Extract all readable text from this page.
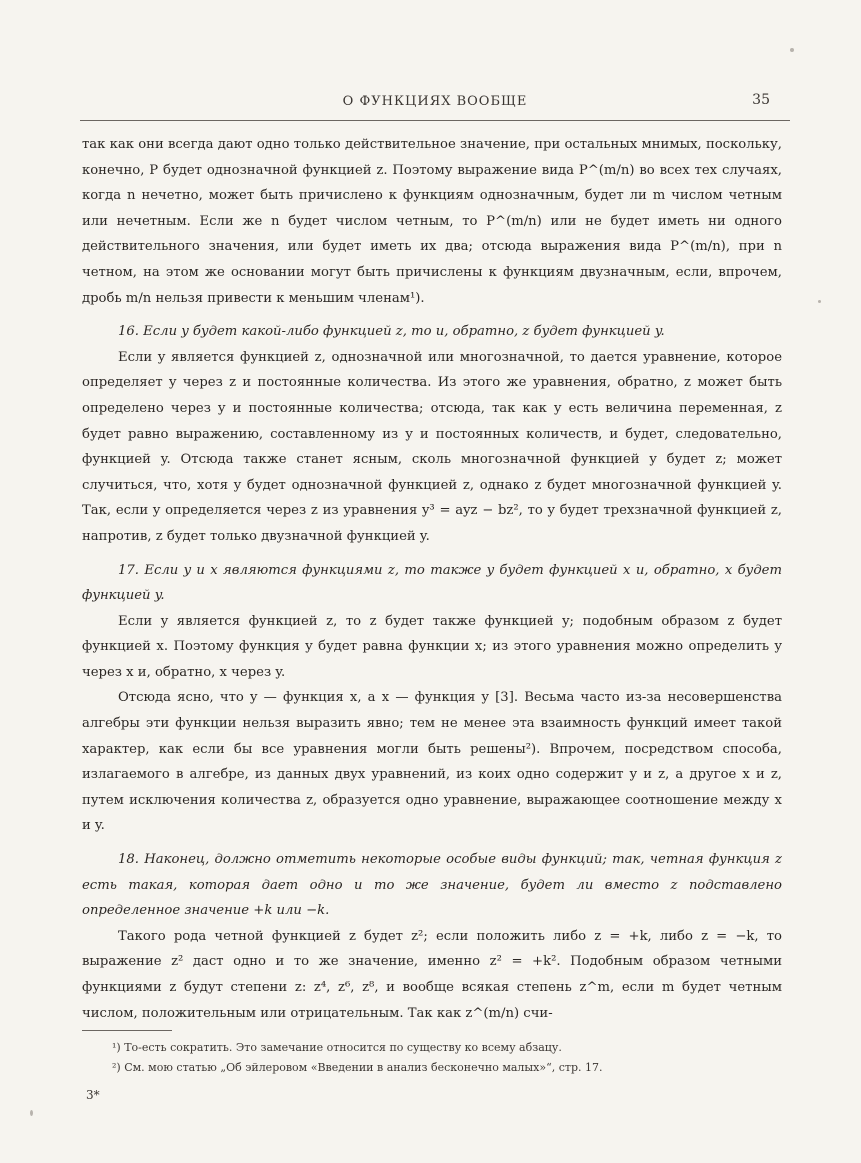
О ФУНКЦИЯХ ВООБЩЕ	35

так как они всегда дают одно только действительное значение, при остальных мнимых, поскольку, конечно, P будет однозначной функцией z. Поэтому выражение вида P^(m/n) во всех тех случаях, когда n нечетно, может быть причислено к функциям однозначным, будет ли m числом четным или нечетным. Если же n будет числом четным, то P^(m/n) или не будет иметь ни одного действительного значения, или будет иметь их два; отсюда выражения вида P^(m/n), при n четном, на этом же основании могут быть причислены к функциям двузначным, если, впрочем, дробь m/n нельзя привести к меньшим членам¹).

16. Если y будет какой-либо функцией z, то и, обратно, z будет функцией y.

Если y является функцией z, однозначной или многозначной, то дается уравнение, которое определяет y через z и постоянные количества. Из этого же уравнения, обратно, z может быть определено через y и постоянные количества; отсюда, так как y есть величина переменная, z будет равно выражению, составленному из y и постоянных количеств, и будет, следовательно, функцией y. Отсюда также станет ясным, сколь многозначной функцией y будет z; может случиться, что, хотя y будет однозначной функцией z, однако z будет многозначной функцией y. Так, если y определяется через z из уравнения y³ = ayz − bz², то y будет трехзначной функцией z, напротив, z будет только двузначной функцией y.

17. Если y и x являются функциями z, то также y будет функцией x и, обратно, x будет функцией y.

Если y является функцией z, то z будет также функцией y; подобным образом z будет функцией x. Поэтому функция y будет равна функции x; из этого уравнения можно определить y через x и, обратно, x через y.

Отсюда ясно, что y — функция x, а x — функция y [3]. Весьма часто из-за несовершенства алгебры эти функции нельзя выразить явно; тем не менее эта взаимность функций имеет такой характер, как если бы все уравнения могли быть решены²). Впрочем, посредством способа, излагаемого в алгебре, из данных двух уравнений, из коих одно содержит y и z, а другое x и z, путем исключения количества z, образуется одно уравнение, выражающее соотношение между x и y.

18. Наконец, должно отметить некоторые особые виды функций; так, четная функция z есть такая, которая дает одно и то же значение, будет ли вместо z подставлено определенное значение +k или −k.

Такого рода четной функцией z будет z²; если положить либо z = +k, либо z = −k, то выражение z² даст одно и то же значение, именно z² = +k². Подобным образом четными функциями z будут степени z: z⁴, z⁶, z⁸, и вообще всякая степень z^m, если m будет четным числом, положительным или отрицательным. Так как z^(m/n) счи-

¹) То-есть сократить. Это замечание относится по существу ко всему абзацу.

²) См. мою статью „Об эйлеровом «Введении в анализ бесконечно малых»“, стр. 17.

3*
